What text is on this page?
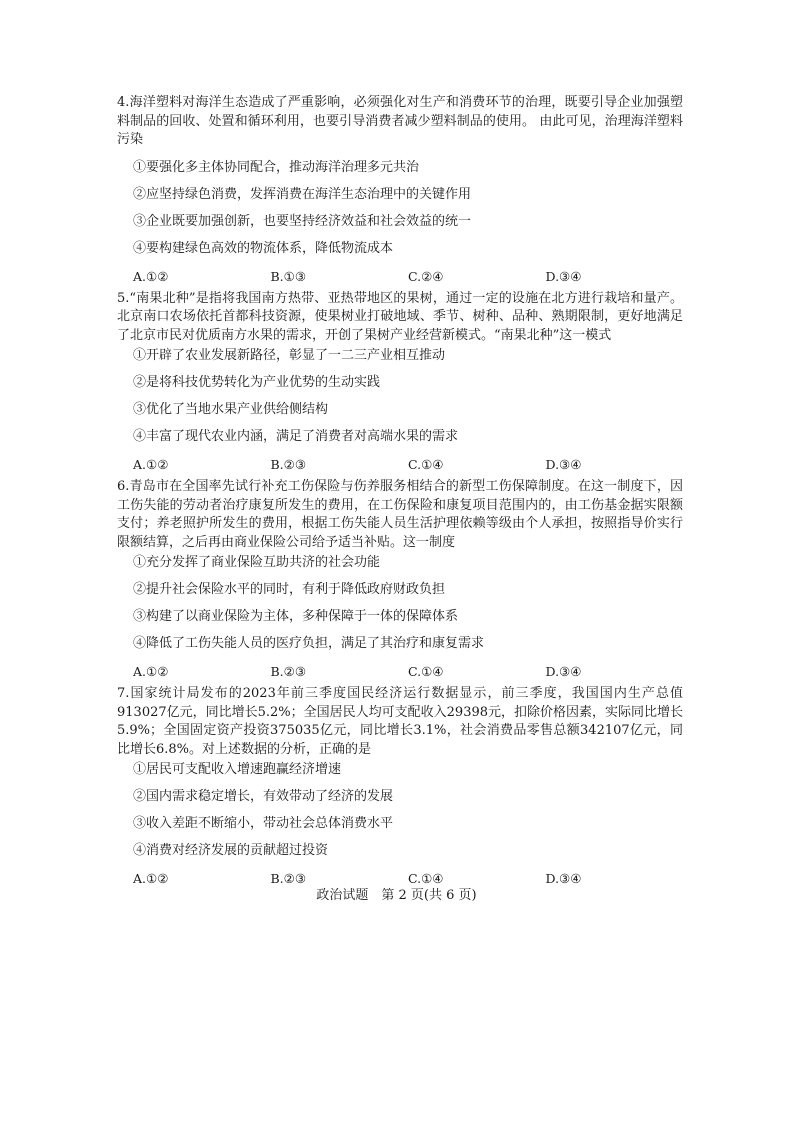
4.海洋塑料对海洋生态造成了严重影响，必须强化对生产和消费环节的治理，既要引导企业加强塑料制品的回收、处置和循环利用，也要引导消费者减少塑料制品的使用。 由此可见，治理海洋塑料污染

①要强化多主体协同配合，推动海洋治理多元共治
②应坚持绿色消费，发挥消费在海洋生态治理中的关键作用
③企业既要加强创新，也要坚持经济效益和社会效益的统一
④要构建绿色高效的物流体系，降低物流成本
A.①②	B.①③	C.②④	D.③④

5.“南果北种”是指将我国南方热带、亚热带地区的果树，通过一定的设施在北方进行栽培和量产。北京南口农场依托首都科技资源，使果树业打破地域、季节、树种、品种、熟期限制，更好地满足了北京市民对优质南方水果的需求，开创了果树产业经营新模式。“南果北种”这一模式

①开辟了农业发展新路径，彰显了一二三产业相互推动
②是将科技优势转化为产业优势的生动实践
③优化了当地水果产业供给侧结构
④丰富了现代农业内涵，满足了消费者对高端水果的需求
A.①②	B.②③	C.①④	D.③④

6.青岛市在全国率先试行补充工伤保险与伤养服务相结合的新型工伤保障制度。在这一制度下，因工伤失能的劳动者治疗康复所发生的费用，在工伤保险和康复项目范围内的，由工伤基金据实限额支付；养老照护所发生的费用，根据工伤失能人员生活护理依赖等级由个人承担，按照指导价实行限额结算，之后再由商业保险公司给予适当补贴。这一制度

①充分发挥了商业保险互助共济的社会功能
②提升社会保险水平的同时，有利于降低政府财政负担
③构建了以商业保险为主体，多种保障于一体的保障体系
④降低了工伤失能人员的医疗负担，满足了其治疗和康复需求
A.①②	B.②③	C.①④	D.③④

7.国家统计局发布的2023年前三季度国民经济运行数据显示，前三季度，我国国内生产总值913027亿元，同比增长5.2%；全国居民人均可支配收入29398元，扣除价格因素，实际同比增长5.9%；全国固定资产投资375035亿元，同比增长3.1%，社会消费品零售总额342107亿元，同比增长6.8%。对上述数据的分析，正确的是

①居民可支配收入增速跑赢经济增速
②国内需求稳定增长，有效带动了经济的发展
③收入差距不断缩小，带动社会总体消费水平
④消费对经济发展的贡献超过投资
A.①②	B.②③	C.①④	D.③④
政治试题　第 2 页(共 6 页)
